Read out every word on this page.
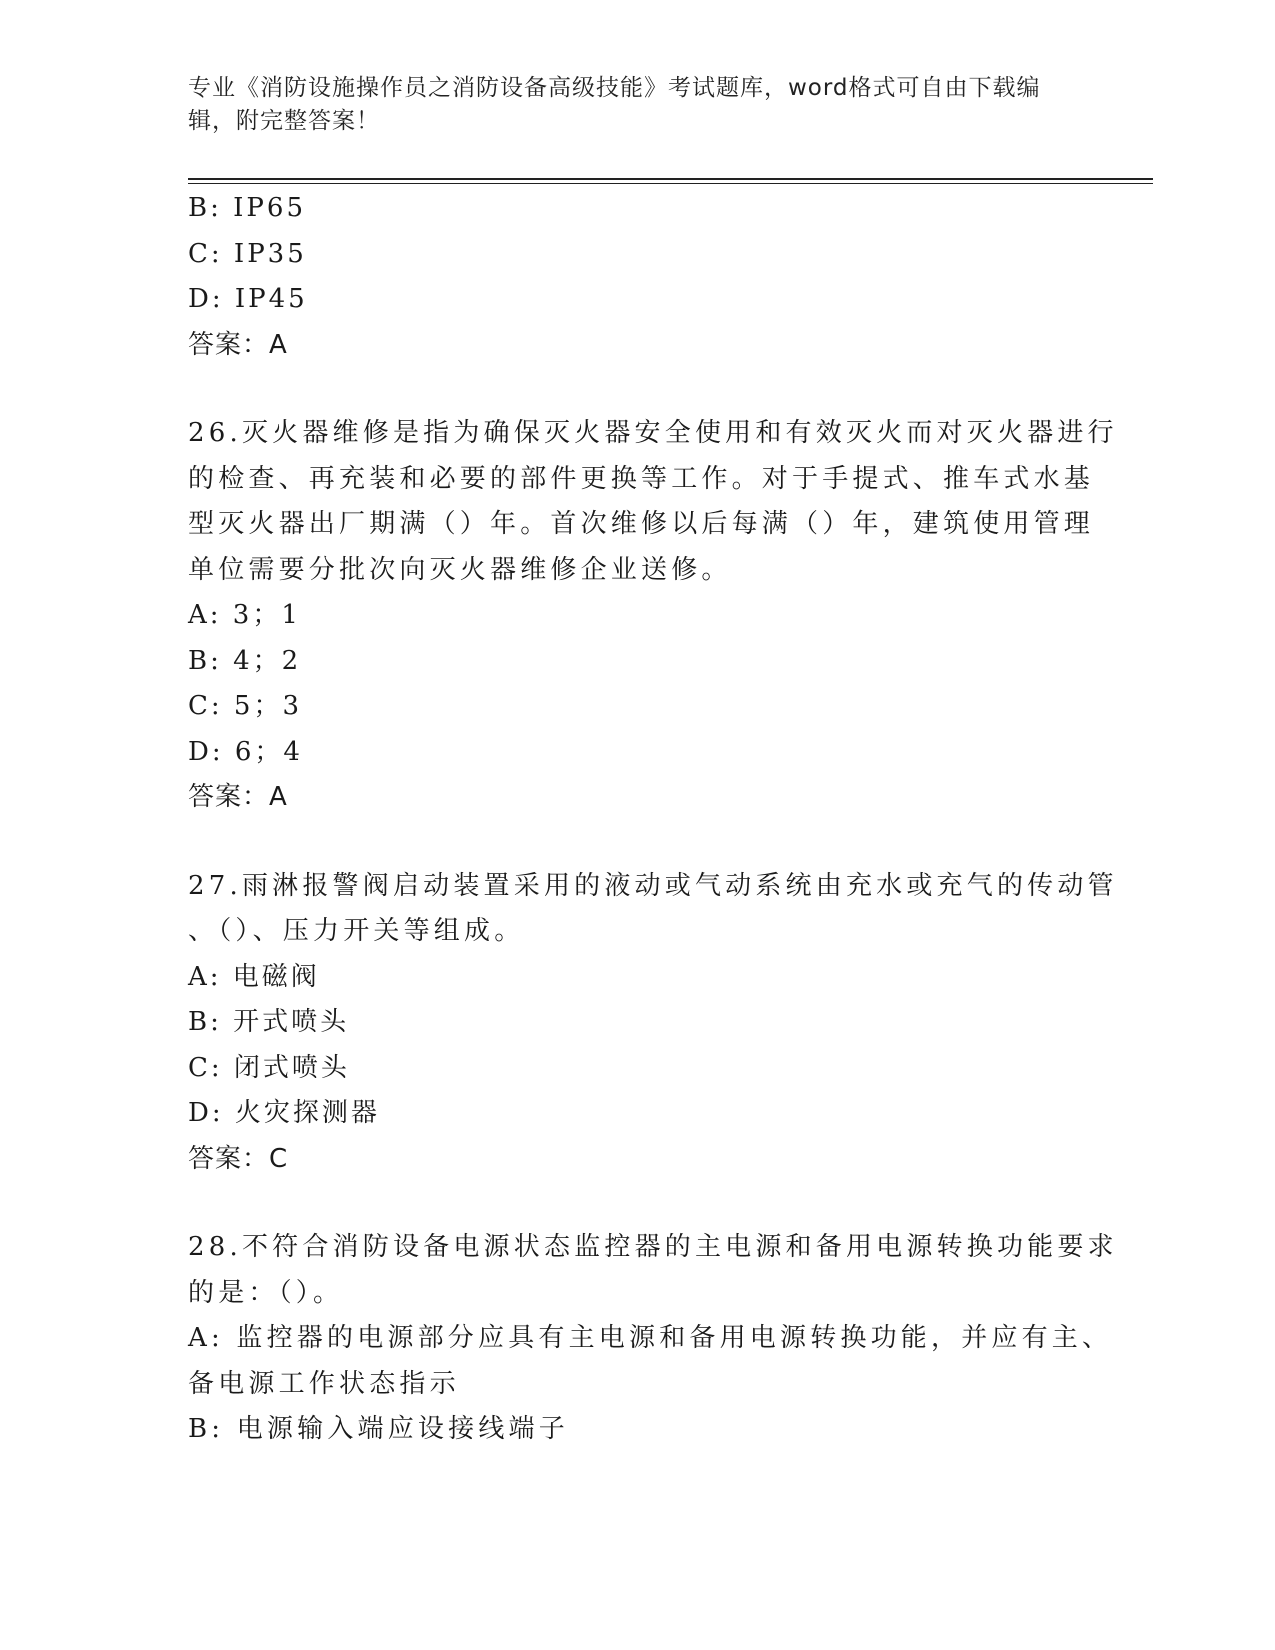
专业《消防设施操作员之消防设备高级技能》考试题库，word格式可自由下载编
辑，附完整答案！
B: IP65
C: IP35
D: IP45
答案：A
26.灭火器维修是指为确保灭火器安全使用和有效灭火而对灭火器进行
的检查、再充装和必要的部件更换等工作。对于手提式、推车式水基
型灭火器出厂期满（）年。首次维修以后每满（）年，建筑使用管理
单位需要分批次向灭火器维修企业送修。
A: 3；1
B: 4；2
C: 5；3
D: 6；4
答案：A
27.雨淋报警阀启动装置采用的液动或气动系统由充水或充气的传动管
、（）、压力开关等组成。
A: 电磁阀
B: 开式喷头
C: 闭式喷头
D: 火灾探测器
答案：C
28.不符合消防设备电源状态监控器的主电源和备用电源转换功能要求
的是：（）。
A: 监控器的电源部分应具有主电源和备用电源转换功能，并应有主、
备电源工作状态指示
B: 电源输入端应设接线端子
